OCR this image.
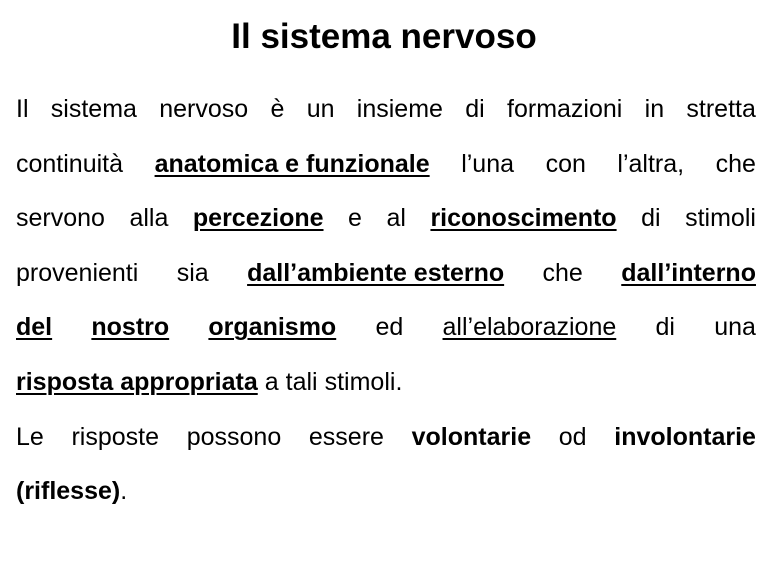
Il sistema nervoso
Il sistema nervoso è un insieme di formazioni in stretta
continuità anatomica e funzionale l’una con l’altra, che
servono alla percezione e al riconoscimento di stimoli
provenienti sia dall’ambiente esterno che dall’interno
del nostro organismo ed all’elaborazione di una
risposta appropriata a tali stimoli.
Le risposte possono essere volontarie od involontarie
(riflesse) .
